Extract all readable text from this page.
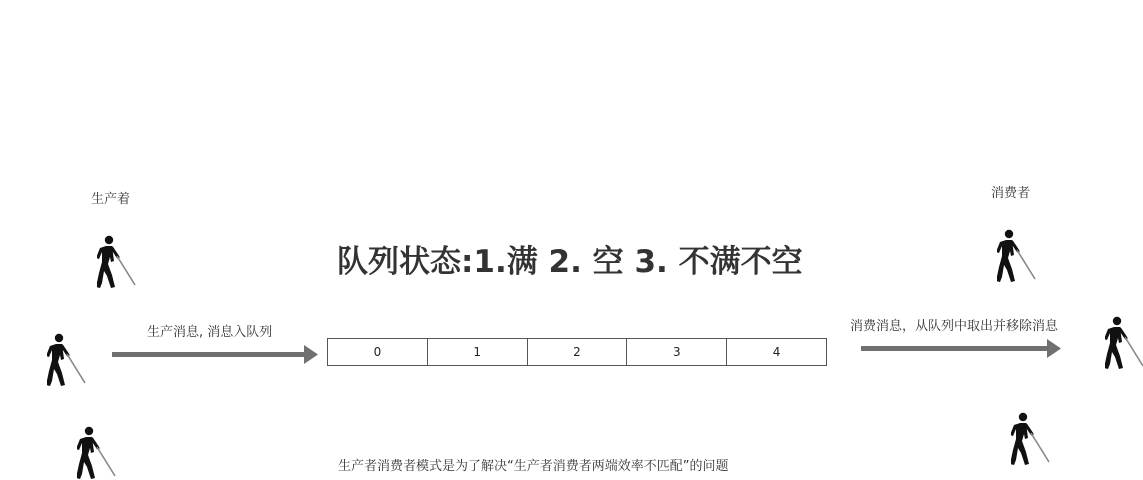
生产着	消费者
队列状态:1.满 2. 空 3. 不满不空
生产消息, 消息入队列
0	1	2	3	4
消费消息，从队列中取出并移除消息
生产者消费者模式是为了解决“生产者消费者两端效率不匹配”的问题
